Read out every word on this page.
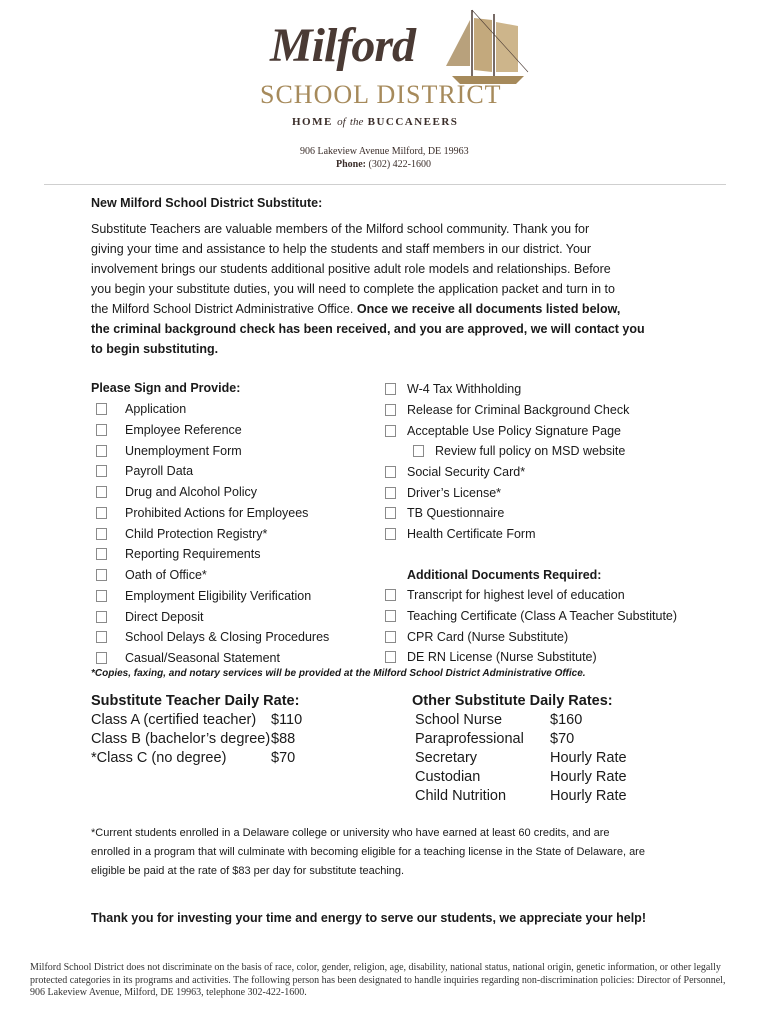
Milford
SCHOOL DISTRICT
HOME of the BUCCANEERS
906 Lakeview Avenue Milford, DE 19963
Phone: (302) 422-1600
New Milford School District Substitute:
Substitute Teachers are valuable members of the Milford school community. Thank you for
giving your time and assistance to help the students and staff members in our district. Your
involvement brings our students additional positive adult role models and relationships. Before
you begin your substitute duties, you will need to complete the application packet and turn in to
the Milford School District Administrative Office. Once we receive all documents listed below,
the criminal background check has been received, and you are approved, we will contact you
to begin substituting.
Please Sign and Provide:
Application
Employee Reference
Unemployment Form
Payroll Data
Drug and Alcohol Policy
Prohibited Actions for Employees
Child Protection Registry*
Reporting Requirements
Oath of Office*
Employment Eligibility Verification
Direct Deposit
School Delays & Closing Procedures
Casual/Seasonal Statement
W-4 Tax Withholding
Release for Criminal Background Check
Acceptable Use Policy Signature Page
Review full policy on MSD website
Social Security Card*
Driver’s License*
TB Questionnaire
Health Certificate Form
Additional Documents Required:
Transcript for highest level of education
Teaching Certificate (Class A Teacher Substitute)
CPR Card (Nurse Substitute)
DE RN License (Nurse Substitute)
*Copies, faxing, and notary services will be provided at the Milford School District Administrative Office.
Substitute Teacher Daily Rate:
Class A (certified teacher) $110
Class B (bachelor’s degree) $88
*Class C (no degree)	$70
Other Substitute Daily Rates:
School Nurse	$160
Paraprofessional $70
Secretary	Hourly Rate
Custodian	Hourly Rate
Child Nutrition	Hourly Rate
*Current students enrolled in a Delaware college or university who have earned at least 60 credits, and are
enrolled in a program that will culminate with becoming eligible for a teaching license in the State of Delaware, are
eligible be paid at the rate of $83 per day for substitute teaching.
Thank you for investing your time and energy to serve our students, we appreciate your help!
Milford School District does not discriminate on the basis of race, color, gender, religion, age, disability, national status, national origin, genetic information, or other legally protected categories in its programs and activities. The following person has been designated to handle inquiries regarding non-discrimination policies: Director of Personnel, 906 Lakeview Avenue, Milford, DE 19963, telephone 302-422-1600.
